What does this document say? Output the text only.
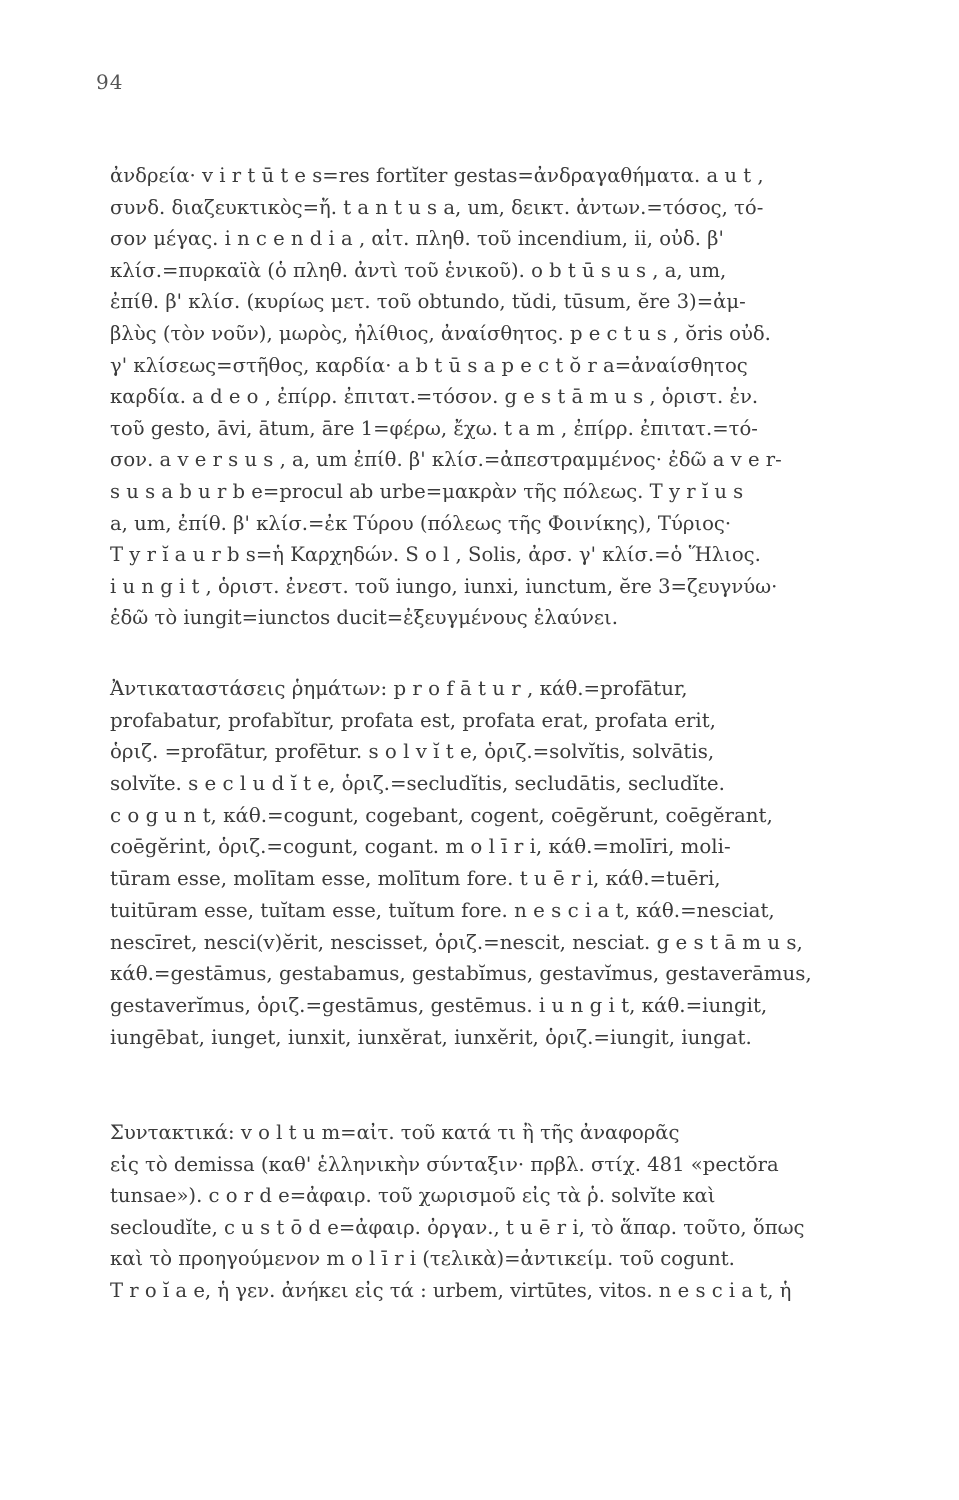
94
ἀνδρεία· v i r t ū t e s=res fortĭter gestas=ἀνδραγαθήματα. a u t ,
συνδ. διαζευκτικὸς=ἤ. t a n t u s a, um, δεικτ. ἀντων.=τόσος, τό-
σον μέγας. i n c e n d i a , αἰτ. πληθ. τοῦ incendium, ii, οὐδ. β'
κλίσ.=πυρκαϊὰ (ὁ πληθ. ἀντὶ τοῦ ἑνικοῦ). o b t ū s u s , a, um,
ἐπίθ. β' κλίσ. (κυρίως μετ. τοῦ obtundo, tŭdi, tūsum, ĕre 3)=ἀμ-
βλὺς (τὸν νοῦν), μωρὸς, ἠλίθιος, ἀναίσθητος. p e c t u s , ŏris οὐδ.
γ' κλίσεως=στῆθος, καρδία· a b t ū s a p e c t ŏ r a=ἀναίσθητος
καρδία. a d e o , ἐπίρρ. ἐπιτατ.=τόσον. g e s t ā m u s , ὁριστ. ἐν.
τοῦ gesto, āvi, ātum, āre 1=φέρω, ἔχω. t a m , ἐπίρρ. ἐπιτατ.=τό-
σον. a v e r s u s , a, um ἐπίθ. β' κλίσ.=ἀπεστραμμένος· ἐδῶ a v e r-
s u s a b u r b e=procul ab urbe=μακρὰν τῆς πόλεως. T y r ĭ u s
a, um, ἐπίθ. β' κλίσ.=ἐκ Τύρου (πόλεως τῆς Φοινίκης), Τύριος·
T y r ĭ a u r b s=ἡ Καρχηδών. S o l , Solis, ἀρσ. γ' κλίσ.=ὁ Ἥλιος.
i u n g i t , ὁριστ. ἐνεστ. τοῦ iungo, iunxi, iunctum, ĕre 3=ζευγνύω·
ἐδῶ τὸ iungit=iunctos ducit=ἐξευγμένους ἐλαύνει.
Ἀντικαταστάσεις ῥημάτων: p r o f ā t u r , κάθ.=profātur,
profabatur, profabĭtur, profata est, profata erat, profata erit,
ὁριζ. =profātur, profētur. s o l v ĭ t e, ὁριζ.=solvĭtis, solvātis,
solvĭte. s e c l u d ĭ t e, ὁριζ.=secludĭtis, secludātis, secludĭte.
c o g u n t, κάθ.=cogunt, cogebant, cogent, coēgĕrunt, coēgĕrant,
coēgĕrint, ὁριζ.=cogunt, cogant. m o l ī r i, κάθ.=molīri, moli-
tūram esse, molītam esse, molītum fore. t u ē r i, κάθ.=tuēri,
tuitūram esse, tuĭtam esse, tuĭtum fore. n e s c i a t, κάθ.=nesciat,
nescīret, nesci(v)ĕrit, nescisset, ὁριζ.=nescit, nesciat. g e s t ā m u s,
κάθ.=gestāmus, gestabamus, gestabĭmus, gestavĭmus, gestaverāmus,
gestaverĭmus, ὁριζ.=gestāmus, gestēmus. i u n g i t, κάθ.=iungit,
iungēbat, iunget, iunxit, iunxĕrat, iunxĕrit, ὁριζ.=iungit, iungat.
Συντακτικά: v o l t u m=αἰτ. τοῦ κατά τι ἢ τῆς ἀναφορᾶς
εἰς τὸ demissa (καθ' ἑλληνικὴν σύνταξιν· πρβλ. στίχ. 481 «pectŏra
tunsae»). c o r d e=ἀφαιρ. τοῦ χωρισμοῦ εἰς τὰ ῥ. solvĭte καὶ
secloudĭte, c u s t ō d e=ἀφαιρ. ὀργαν., t u ē r i, τὸ ἅπαρ. τοῦτο, ὅπως
καὶ τὸ προηγούμενον m o l ī r i (τελικὰ)=ἀντικείμ. τοῦ cogunt.
T r o ĭ a e, ἡ γεν. ἀνήκει εἰς τά : urbem, virtūtes, vitos. n e s c i a t, ἡ
